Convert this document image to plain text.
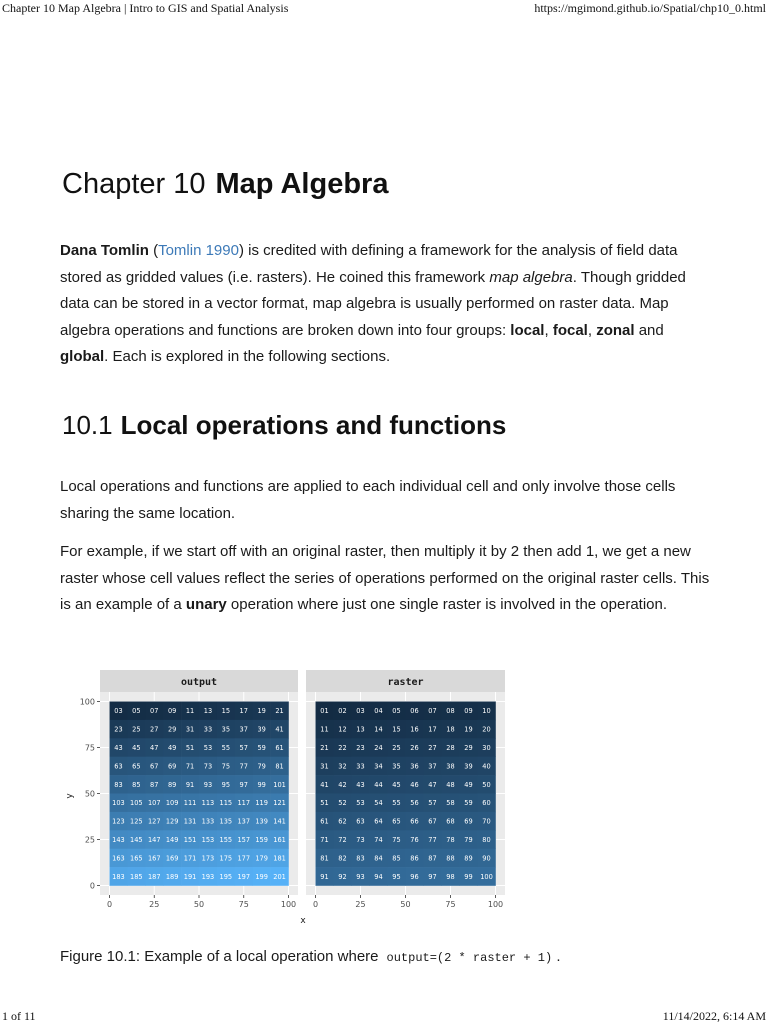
Chapter 10 Map Algebra | Intro to GIS and Spatial Analysis	https://mgimond.github.io/Spatial/chp10_0.html
Chapter 10 Map Algebra

Dana Tomlin (Tomlin 1990) is credited with defining a framework for the analysis of field data stored as gridded values (i.e. rasters). He coined this framework map algebra. Though gridded data can be stored in a vector format, map algebra is usually performed on raster data. Map algebra operations and functions are broken down into four groups: local, focal, zonal and global. Each is explored in the following sections.

10.1 Local operations and functions

Local operations and functions are applied to each individual cell and only involve those cells sharing the same location.

For example, if we start off with an original raster, then multiply it by 2 then add 1, we get a new raster whose cell values reflect the series of operations performed on the original raster cells. This is an example of a unary operation where just one single raster is involved in the operation.

output
03 05 07 09 11 13 15 17 19 21
23 25 27 29 31 33 35 37 39 41
43 45 47 49 51 53 55 57 59 61
63 65 67 69 71 73 75 77 79 81
83 85 87 89 91 93 95 97 99 101
103 105 107 109 111 113 115 117 119 121
123 125 127 129 131 133 135 137 139 141
143 145 147 149 151 153 155 157 159 161
163 165 167 169 171 173 175 177 179 181
183 185 187 189 191 193 195 197 199 201
0	25	50	75	100
0
25
50
75
100
raster
01 02 03 04 05 06 07 08 09 10
11 12 13 14 15 16 17 18 19 20
21 22 23 24 25 26 27 28 29 30
31 32 33 34 35 36 37 38 39 40
41 42 43 44 45 46 47 48 49 50
51 52 53 54 55 56 57 58 59 60
61 62 63 64 65 66 67 68 69 70
71 72 73 74 75 76 77 78 79 80
81 82 83 84 85 86 87 88 89 90
91 92 93 94 95 96 97 98 99 100
0	25	50	75	100
x
y
Figure 10.1: Example of a local operation where output=(2 * raster + 1) .
1 of 11	11/14/2022, 6:14 AM
